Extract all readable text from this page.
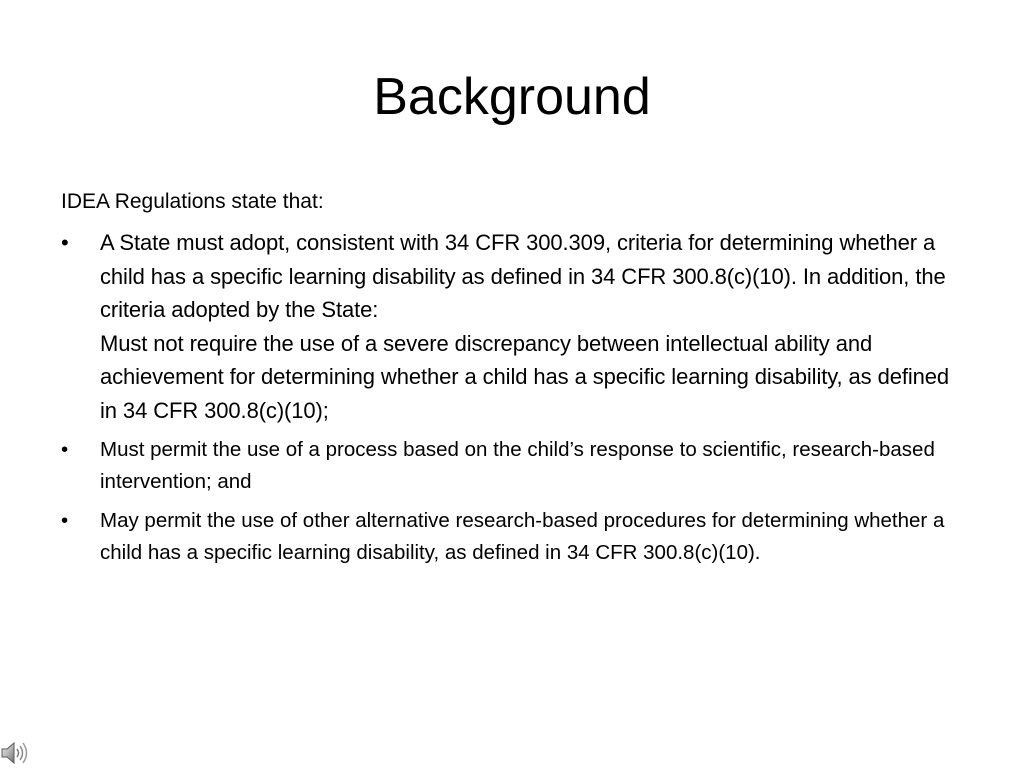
Background

IDEA Regulations state that:

•	A State must adopt, consistent with 34 CFR 300.309, criteria for determining whether a child has a specific learning disability as defined in 34 CFR 300.8(c)(10). In addition, the criteria adopted by the State:
Must not require the use of a severe discrepancy between intellectual ability and achievement for determining whether a child has a specific learning disability, as defined in 34 CFR 300.8(c)(10);
•	Must permit the use of a process based on the child’s response to scientific, research-based intervention; and
•	May permit the use of other alternative research-based procedures for determining whether a child has a specific learning disability, as defined in 34 CFR 300.8(c)(10).
